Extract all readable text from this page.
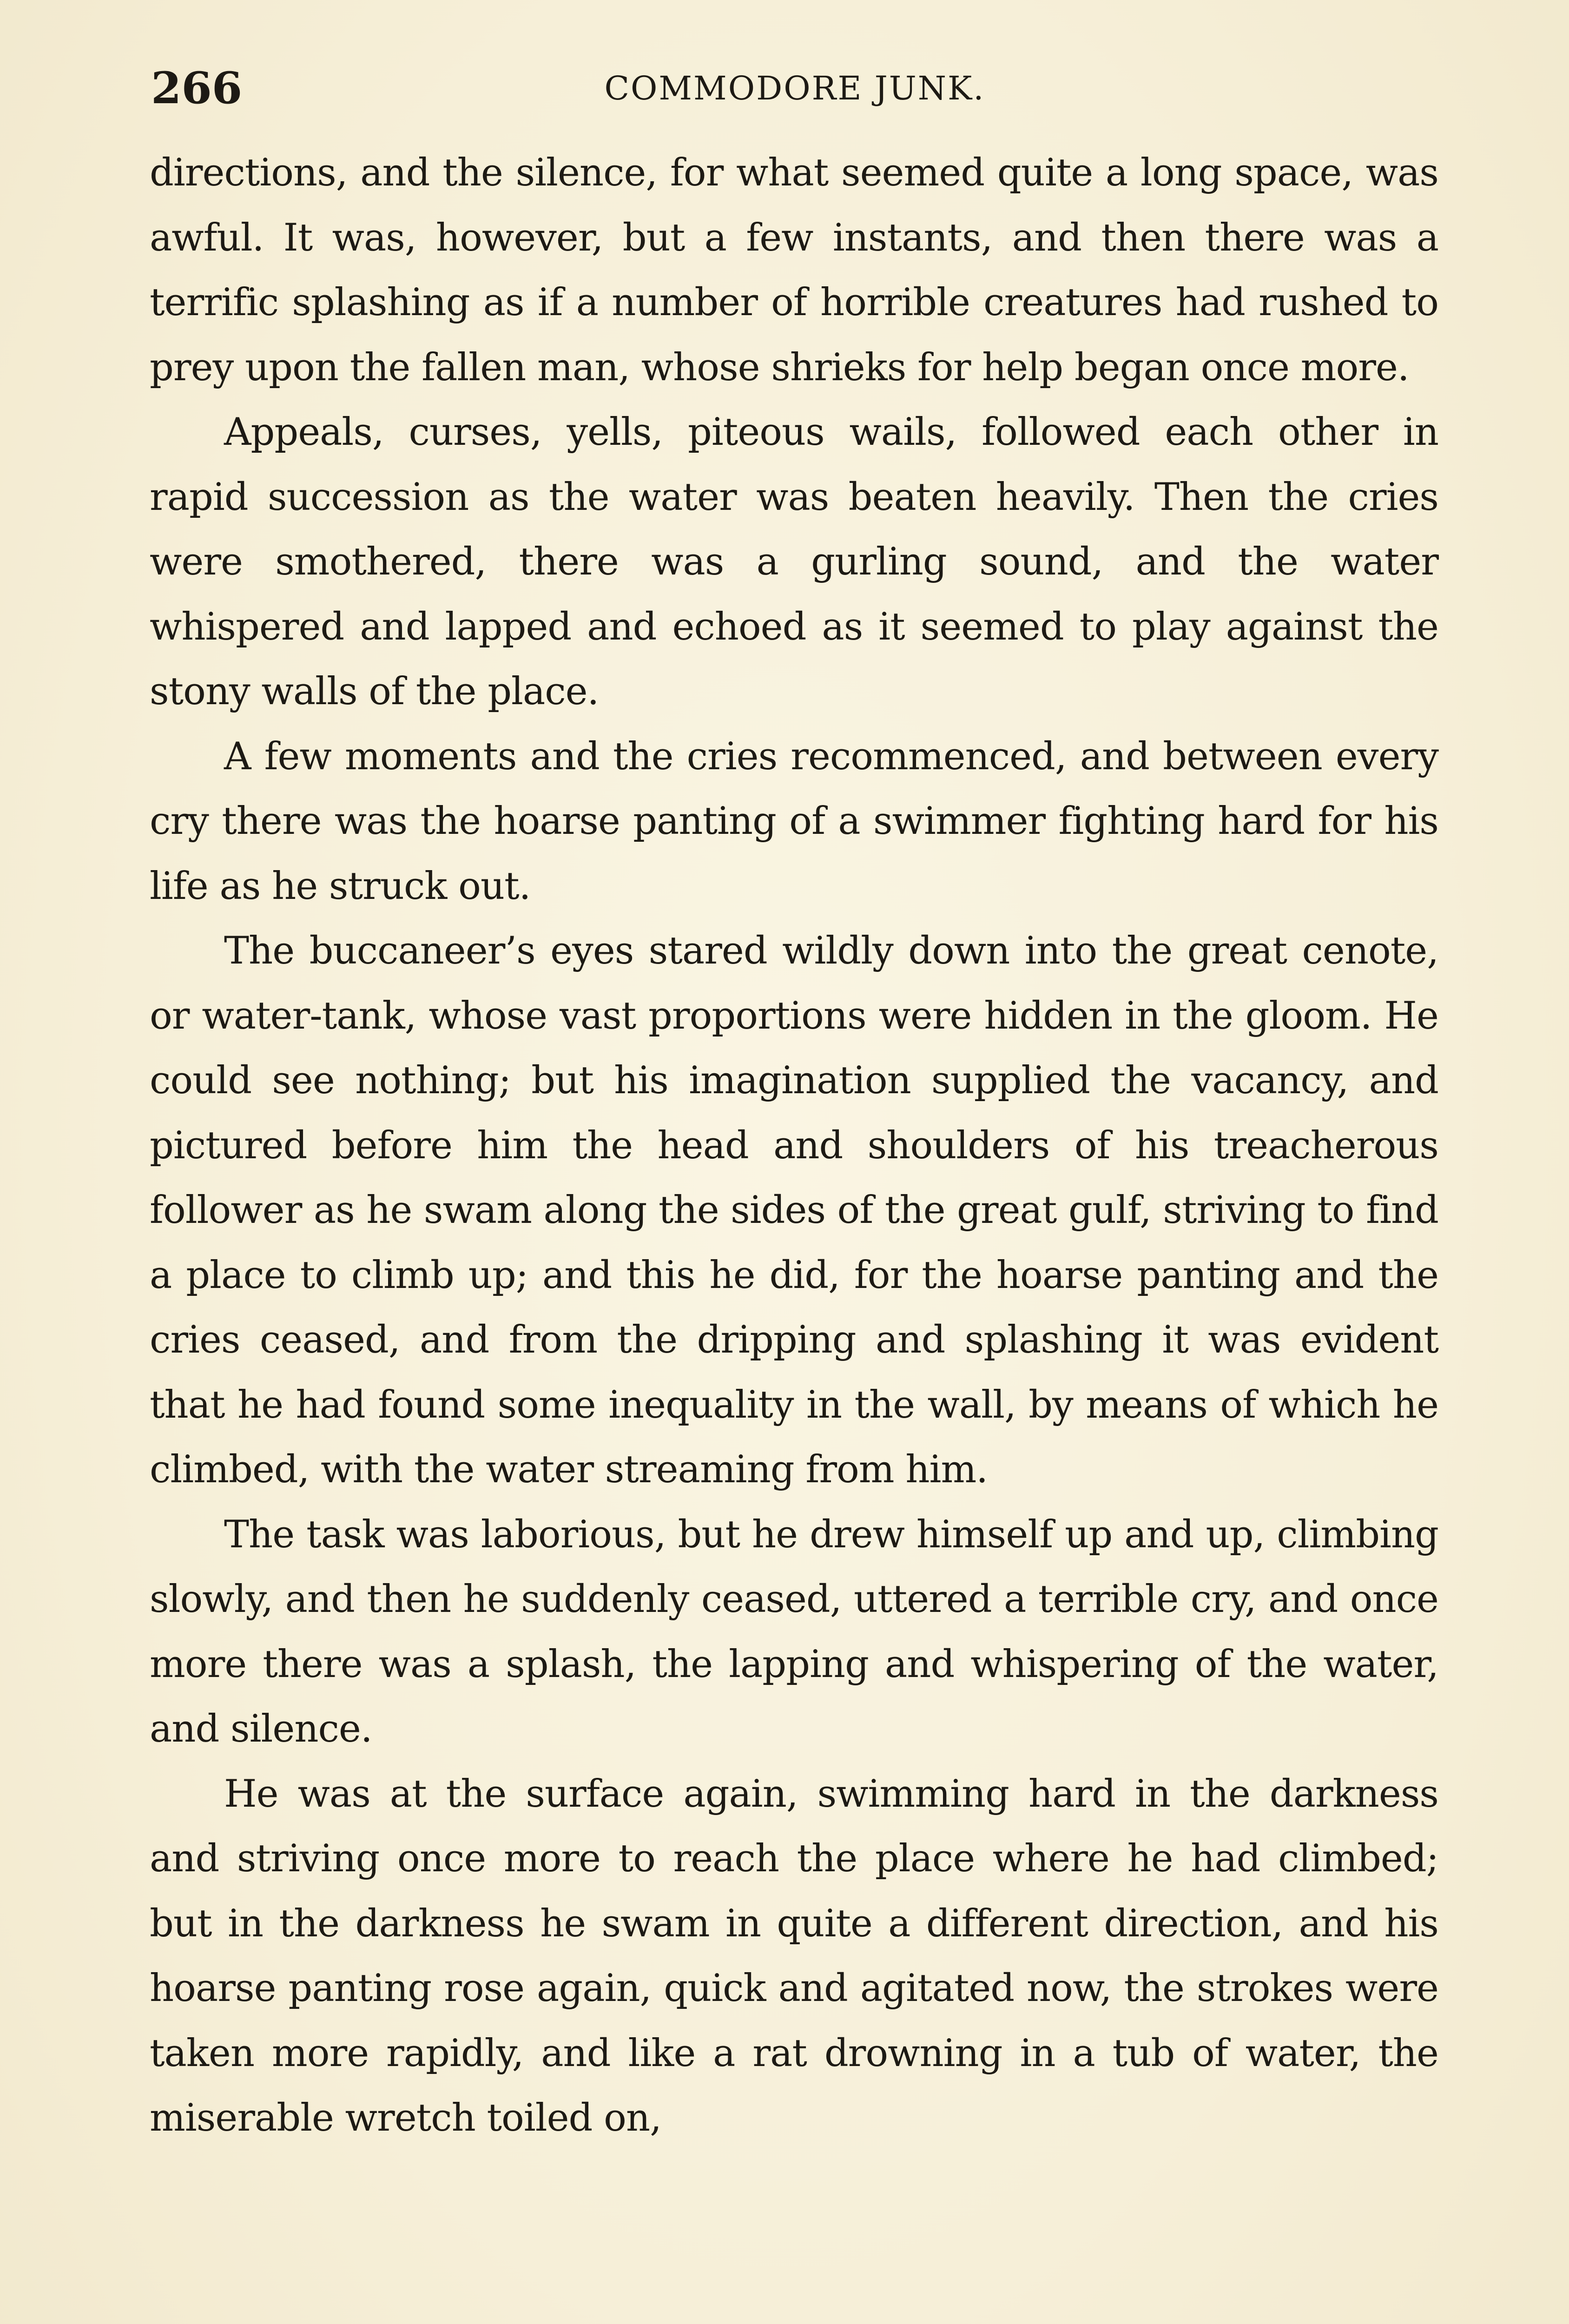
266	COMMODORE JUNK.

directions, and the silence, for what seemed quite a long space, was awful. It was, however, but a few instants, and then there was a terrific splashing as if a number of horrible creatures had rushed to prey upon the fallen man, whose shrieks for help began once more.

Appeals, curses, yells, piteous wails, followed each other in rapid succession as the water was beaten heavily. Then the cries were smothered, there was a gurling sound, and the water whispered and lapped and echoed as it seemed to play against the stony walls of the place.

A few moments and the cries recommenced, and between every cry there was the hoarse panting of a swimmer fighting hard for his life as he struck out.

The buccaneer’s eyes stared wildly down into the great cenote, or water-tank, whose vast proportions were hidden in the gloom. He could see nothing; but his imagination supplied the vacancy, and pictured before him the head and shoulders of his treacherous follower as he swam along the sides of the great gulf, striving to find a place to climb up; and this he did, for the hoarse panting and the cries ceased, and from the dripping and splashing it was evident that he had found some inequality in the wall, by means of which he climbed, with the water streaming from him.

The task was laborious, but he drew himself up and up, climbing slowly, and then he suddenly ceased, uttered a terrible cry, and once more there was a splash, the lapping and whispering of the water, and silence.

He was at the surface again, swimming hard in the darkness and striving once more to reach the place where he had climbed; but in the darkness he swam in quite a different direction, and his hoarse panting rose again, quick and agitated now, the strokes were taken more rapidly, and like a rat drowning in a tub of water, the miserable wretch toiled on,
